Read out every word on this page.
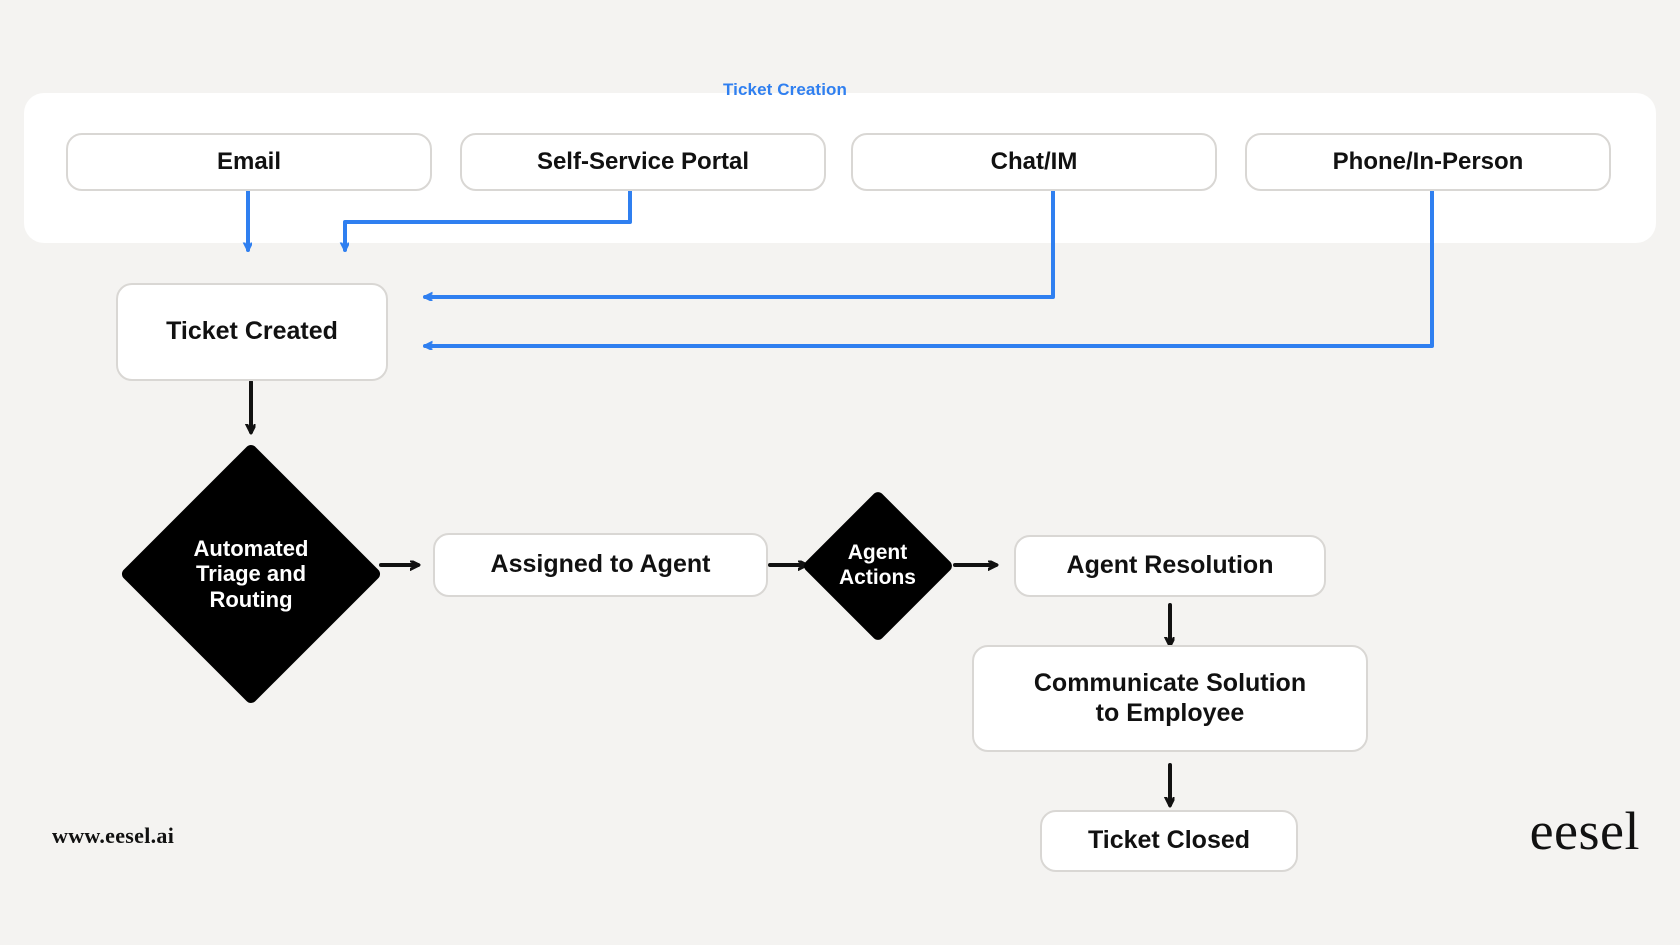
Ticket Creation
Email	Self-Service Portal	Chat/IM	Phone/In-Person
Ticket Created
Automated
Triage and
Routing
Assigned to Agent	Agent
Actions	Agent Resolution
Communicate Solution
to Employee
Ticket Closed
www.eesel.ai	eesel
